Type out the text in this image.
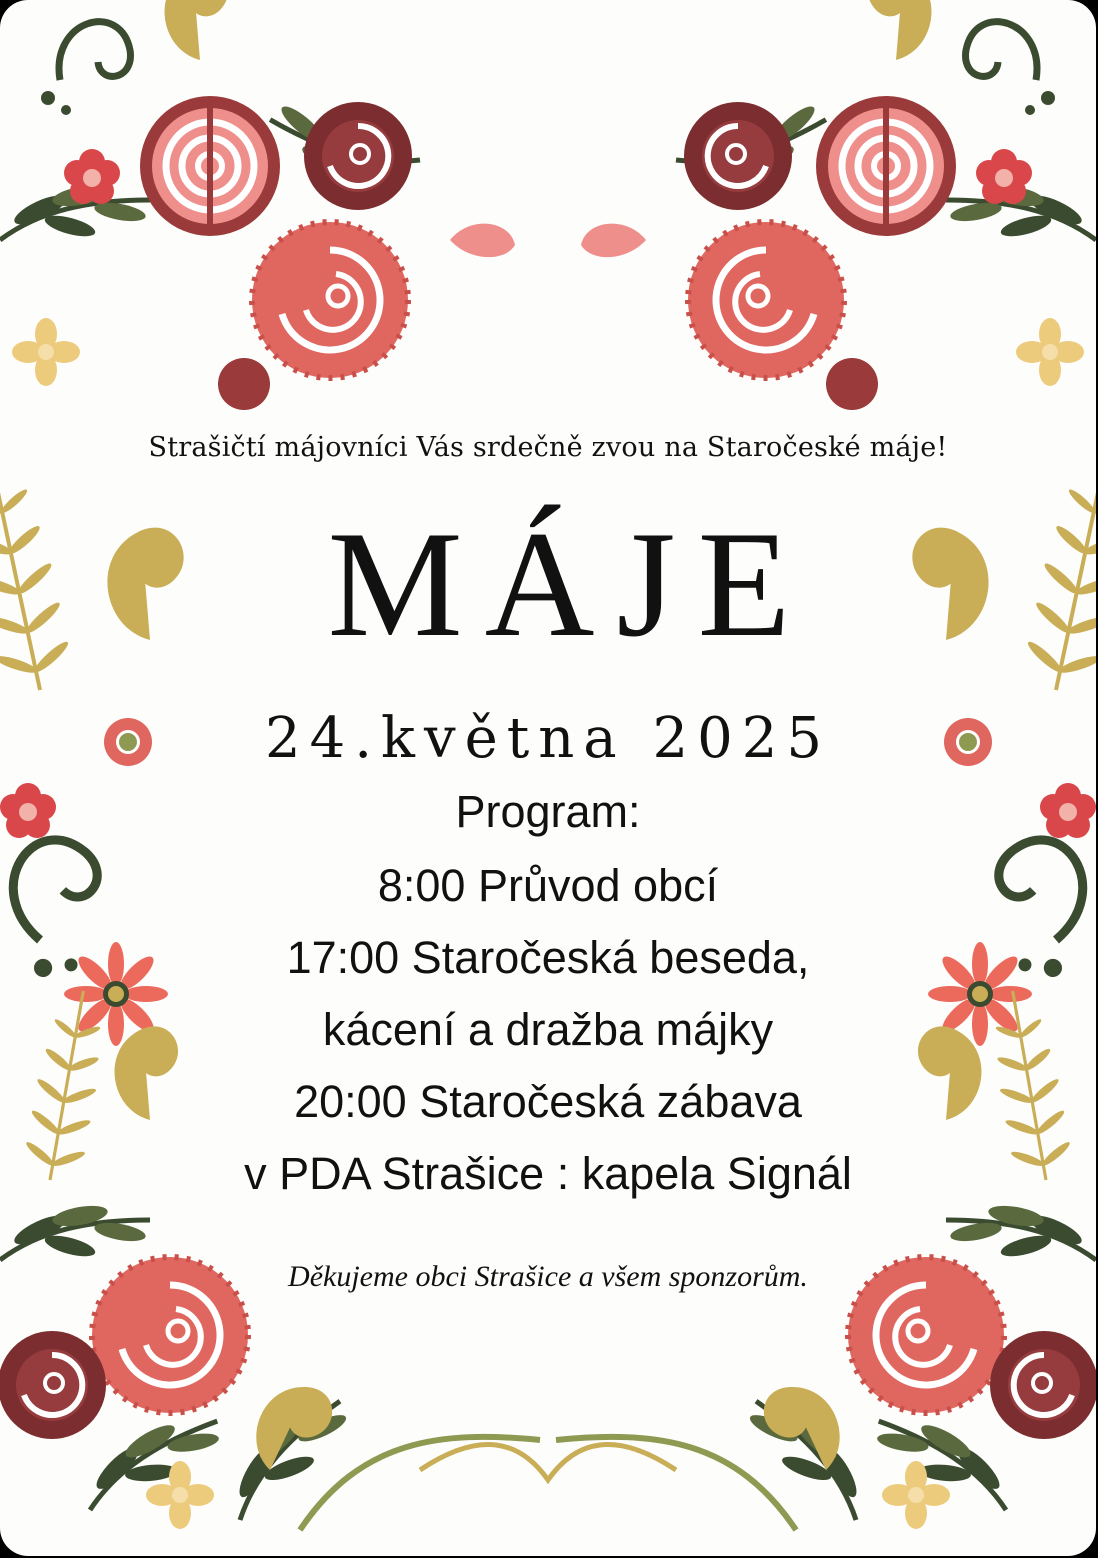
Strašičtí májovníci Vás srdečně zvou na Staročeské máje!
MÁJE
24.května 2025
Program:
8:00 Průvod obcí
17:00 Staročeská beseda,
kácení a dražba májky
20:00 Staročeská zábava
v PDA Strašice : kapela Signál
Děkujeme obci Strašice a všem sponzorům.
